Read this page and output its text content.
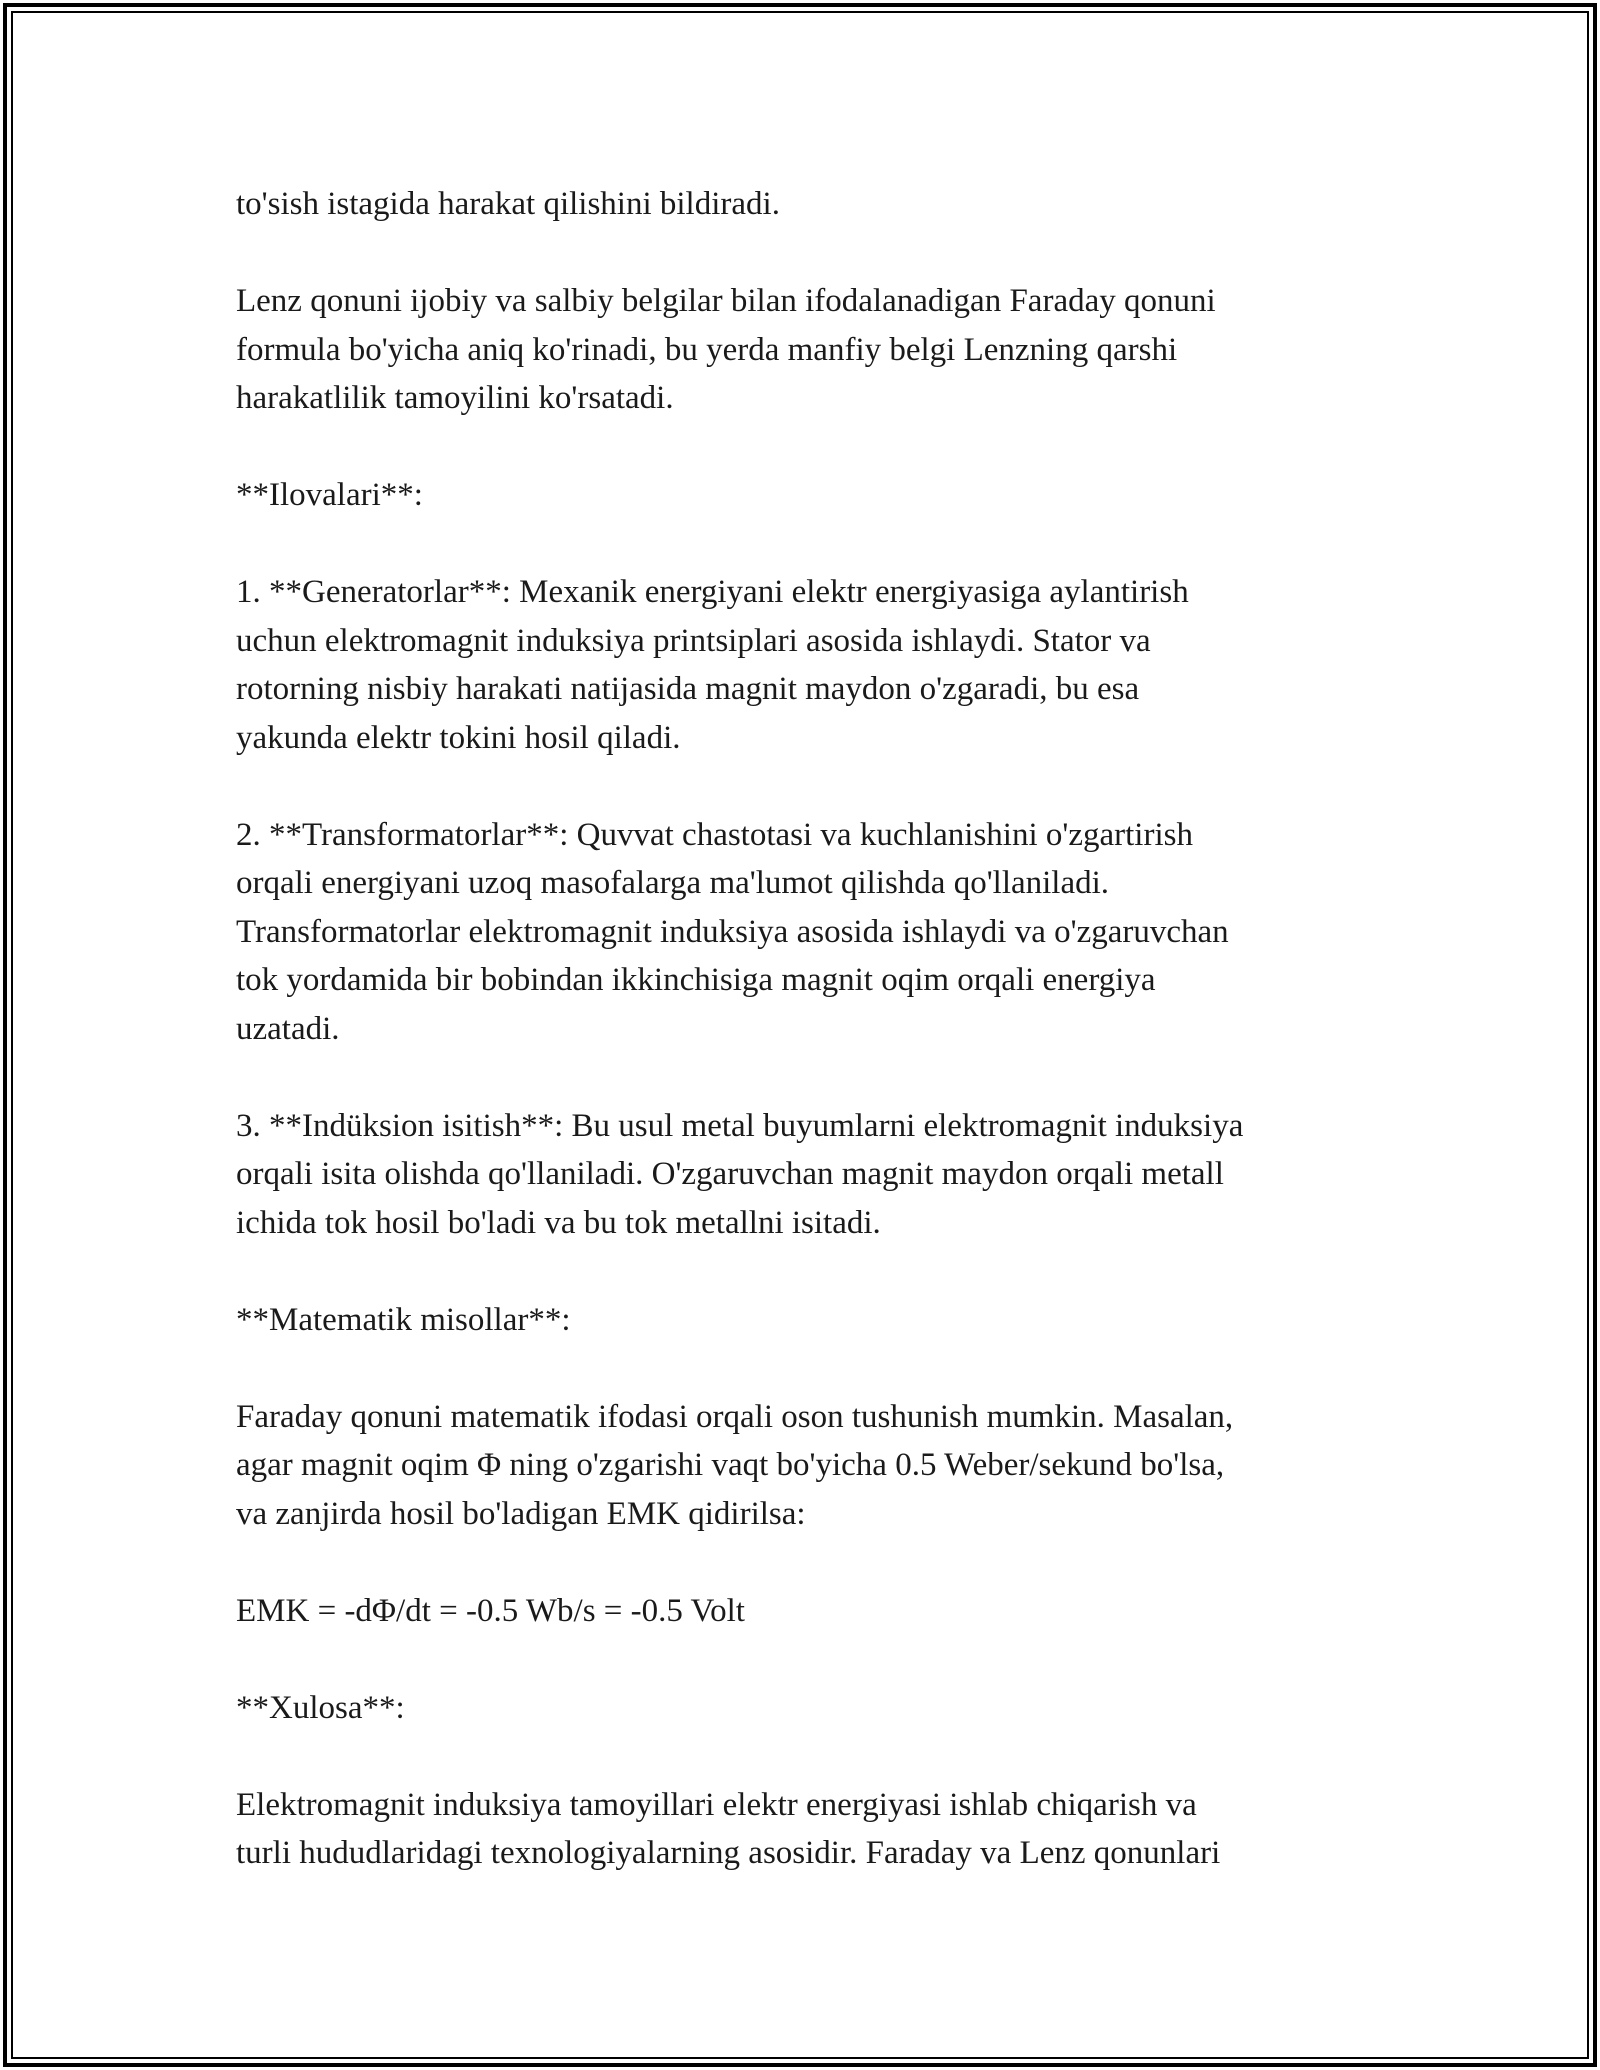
to'sish istagida harakat qilishini bildiradi.

Lenz qonuni ijobiy va salbiy belgilar bilan ifodalanadigan Faraday qonuni
formula bo'yicha aniq ko'rinadi, bu yerda manfiy belgi Lenzning qarshi
harakatlilik tamoyilini ko'rsatadi.

**Ilovalari**:

1. **Generatorlar**: Mexanik energiyani elektr energiyasiga aylantirish
uchun elektromagnit induksiya printsiplari asosida ishlaydi. Stator va
rotorning nisbiy harakati natijasida magnit maydon o'zgaradi, bu esa
yakunda elektr tokini hosil qiladi.

2. **Transformatorlar**: Quvvat chastotasi va kuchlanishini o'zgartirish
orqali energiyani uzoq masofalarga ma'lumot qilishda qo'llaniladi.
Transformatorlar elektromagnit induksiya asosida ishlaydi va o'zgaruvchan
tok yordamida bir bobindan ikkinchisiga magnit oqim orqali energiya
uzatadi.

3. **Indüksion isitish**: Bu usul metal buyumlarni elektromagnit induksiya
orqali isita olishda qo'llaniladi. O'zgaruvchan magnit maydon orqali metall
ichida tok hosil bo'ladi va bu tok metallni isitadi.

**Matematik misollar**:

Faraday qonuni matematik ifodasi orqali oson tushunish mumkin. Masalan,
agar magnit oqim Φ ning o'zgarishi vaqt bo'yicha 0.5 Weber/sekund bo'lsa,
va zanjirda hosil bo'ladigan EMK qidirilsa:

EMK = -dΦ/dt = -0.5 Wb/s = -0.5 Volt

**Xulosa**:

Elektromagnit induksiya tamoyillari elektr energiyasi ishlab chiqarish va
turli hududlaridagi texnologiyalarning asosidir. Faraday va Lenz qonunlari
